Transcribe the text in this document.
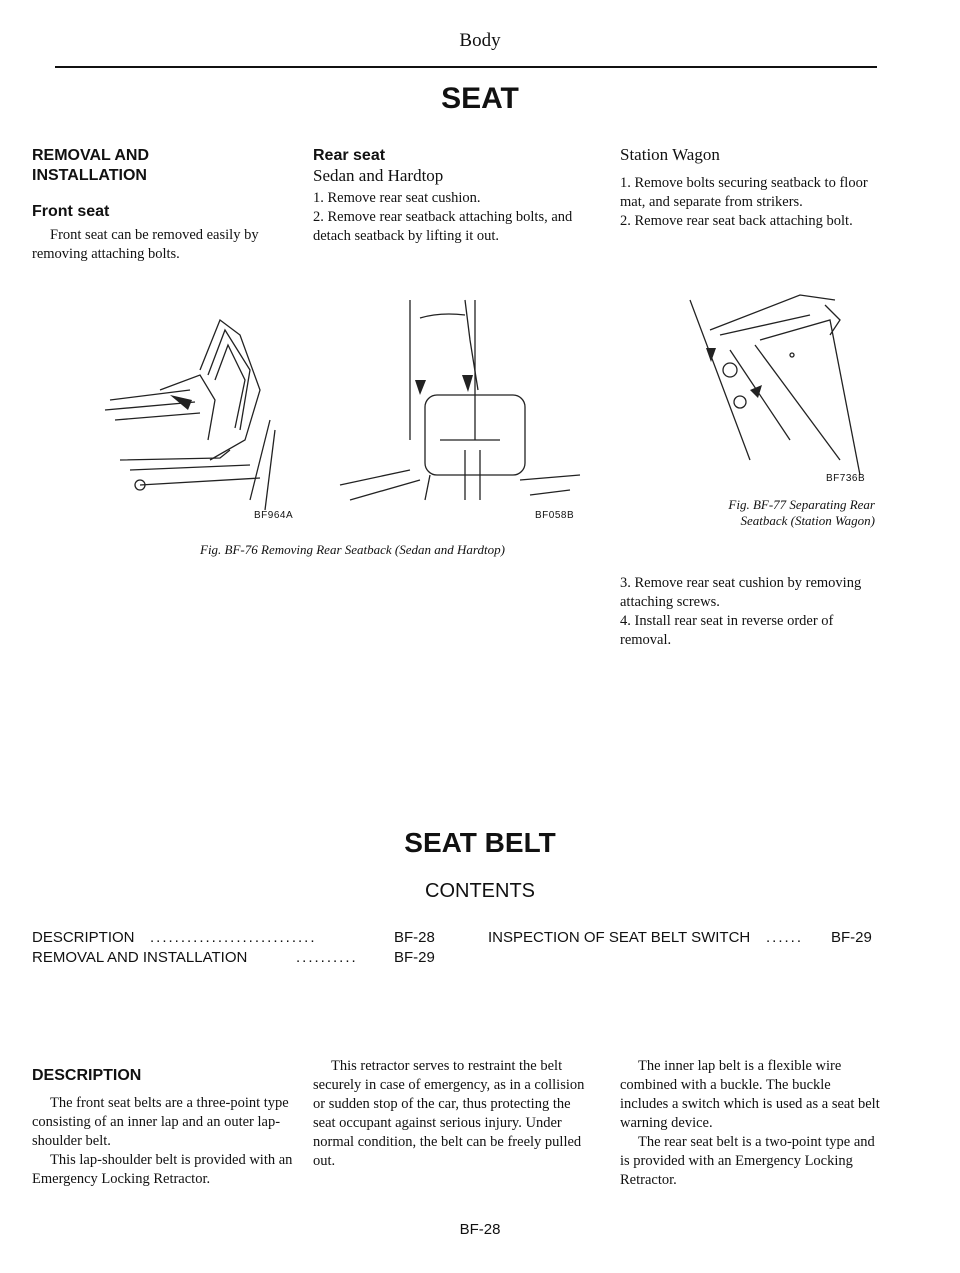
Body
SEAT
REMOVAL AND INSTALLATION
Front seat
Front seat can be removed easily by removing attaching bolts.
BF964A
Rear seat
Sedan and Hardtop
1. Remove rear seat cushion.
2. Remove rear seatback attaching bolts, and detach seatback by lifting it out.
BF058B
Fig. BF-76 Removing Rear Seatback (Sedan and Hardtop)
Station Wagon
1. Remove bolts securing seatback to floor mat, and separate from strikers.
2. Remove rear seat back attaching bolt.
BF736B
Fig. BF-77 Separating Rear
Seatback (Station Wagon)
3. Remove rear seat cushion by removing attaching screws.
4. Install rear seat in reverse order of removal.
SEAT BELT
CONTENTS
DESCRIPTION ...........................	BF-28
REMOVAL AND INSTALLATION	.......... BF-29
INSPECTION OF SEAT BELT SWITCH ...... BF-29
DESCRIPTION
The front seat belts are a three-point type consisting of an inner lap and an outer lap-shoulder belt.
This lap-shoulder belt is provided with an Emergency Locking Retractor.
This retractor serves to restraint the belt securely in case of emergency, as in a collision or sudden stop of the car, thus protecting the seat occupant against serious injury. Under normal condition, the belt can be freely pulled out.
The inner lap belt is a flexible wire combined with a buckle. The buckle includes a switch which is used as a seat belt warning device.
The rear seat belt is a two-point type and is provided with an Emergency Locking Retractor.
BF-28
